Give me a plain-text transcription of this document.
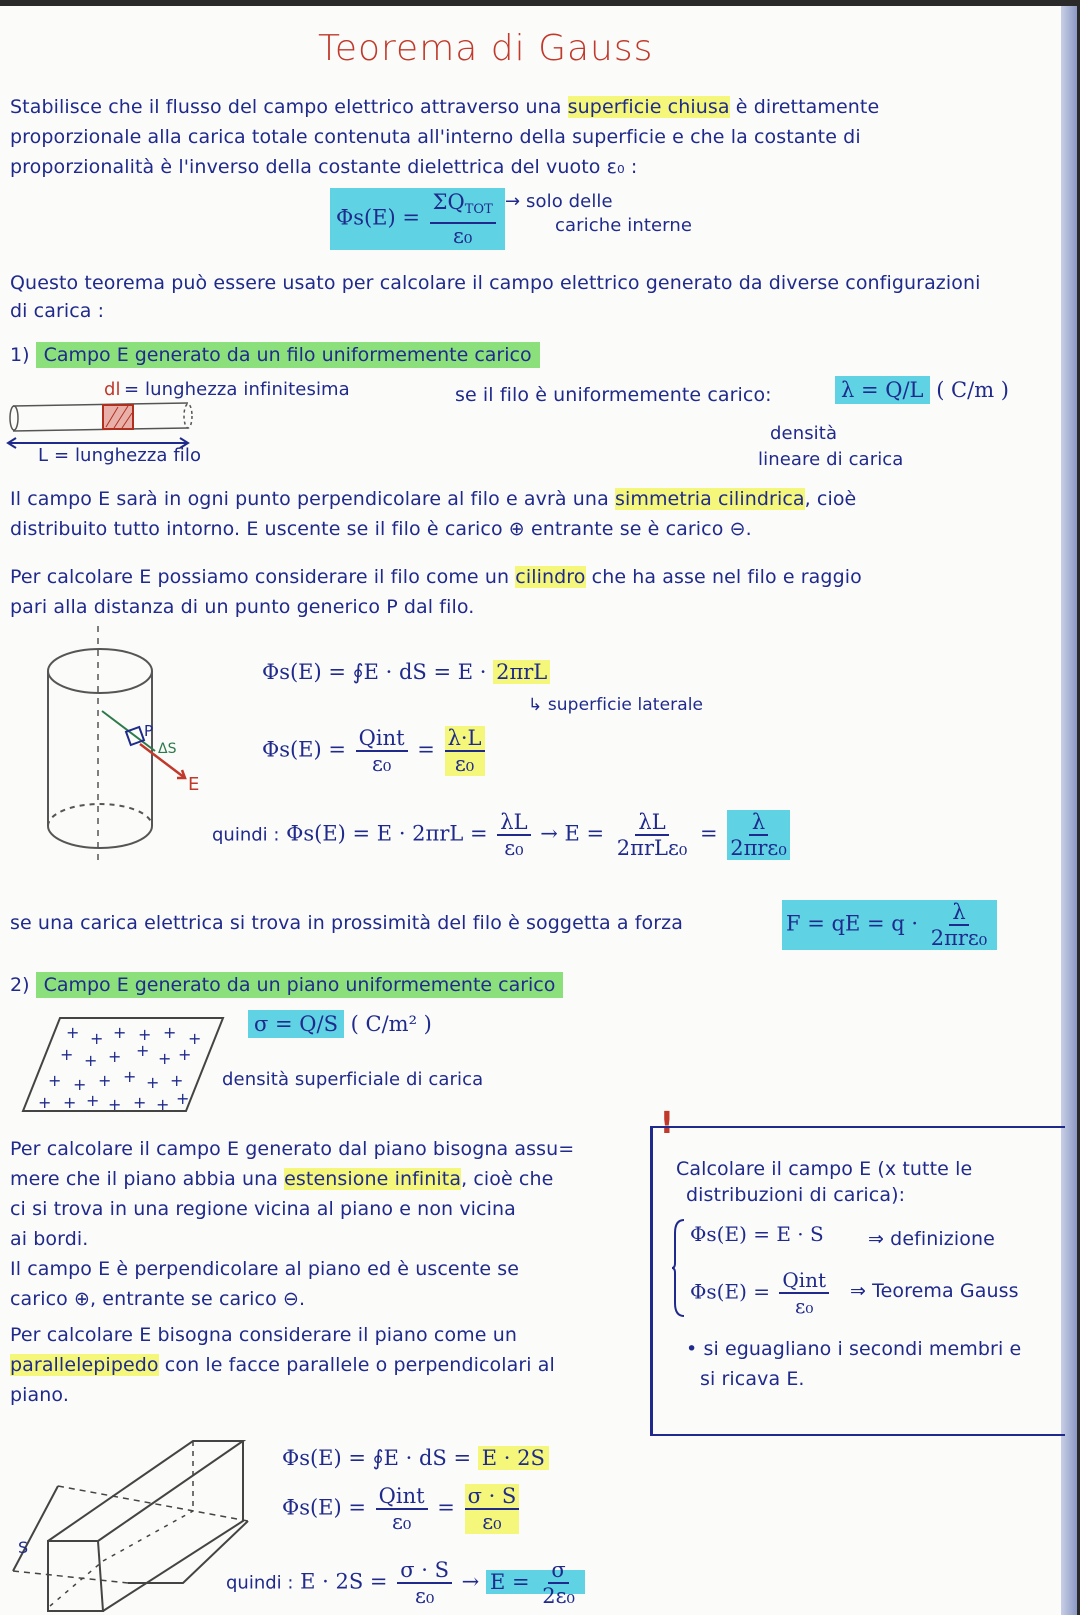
Teorema di Gauss
Stabilisce che il flusso del campo elettrico attraverso una superficie chiusa è direttamente
proporzionale alla carica totale contenuta all'interno della superficie e che la costante di
proporzionalità è l'inverso della costante dielettrica del vuoto ε₀ :
$\Phi s(E) = \frac{\Sigma Q_{TOT}}{\text{ε₀}}$ → solo delle
cariche interne
Questo teorema può essere usato per calcolare il campo elettrico generato da diverse configurazioni
di carica :
1) Campo E generato da un filo uniformemente carico
dl = lunghezza infinitesima
L = lunghezza filo
se il filo è uniformemente carico:	λ = Q/L ( C/m )
densità
lineare di carica
Il campo E sarà in ogni punto perpendicolare al filo e avrà una simmetria cilindrica, cioè
distribuito tutto intorno. E uscente se il filo è carico ⊕ entrante se è carico ⊖.
Per calcolare E possiamo considerare il filo come un cilindro che ha asse nel filo e raggio
pari alla distanza di un punto generico P dal filo.
P
ΔS
E
Φs(E) = ∮E · dS = E · 2πrL
↳ superficie laterale
$\Phi s(E) = \frac{\text{Qint}}{\text{ε₀}} = \frac{\lambda\cdot L}{\text{ε₀}}$
quindi : $\Phi s(E) = E \cdot 2\pi rL = \frac{\lambda L}{\text{ε₀}} \to E = \frac{\lambda L}{\text{2πrLε₀}} = \frac{\lambda}{\text{2πrε₀}}$
se una carica elettrica si trova in prossimità del filo è soggetta a forza	F = qE = $q \cdot \frac{\lambda}{\text{2πrε₀}}$
2) Campo E generato da un piano uniformemente carico
+ + + + + +
+ + + + + +
+ + + + + +
+ + + + + + +
σ = Q/S ( C/m² )
densità superficiale di carica
Per calcolare il campo E generato dal piano bisogna assu=
mere che il piano abbia una estensione infinita, cioè che
ci si trova in una regione vicina al piano e non vicina
ai bordi.
Il campo E è perpendicolare al piano ed è uscente se
carico ⊕, entrante se carico ⊖.
Per calcolare E bisogna considerare il piano come un
parallelepipedo con le facce parallele o perpendicolari al
piano.
!
Calcolare il campo E (x tutte le
distribuzioni di carica):
Φs(E) = E · S ⇒ definizione
$\Phi s(E) = \frac{\text{Qint}}{\text{ε₀}}$ ⇒ Teorema Gauss
• si eguagliano i secondi membri e
si ricava E.
S
Φs(E) = ∮E · dS = E · 2S
$\Phi s(E) = \frac{\text{Qint}}{\text{ε₀}} = \frac{\sigma \cdot S}{\text{ε₀}}$
quindi : $E \cdot 2S = \frac{\sigma \cdot S}{\text{ε₀}} \to E = \frac{\sigma}{\text{2ε₀}}$
